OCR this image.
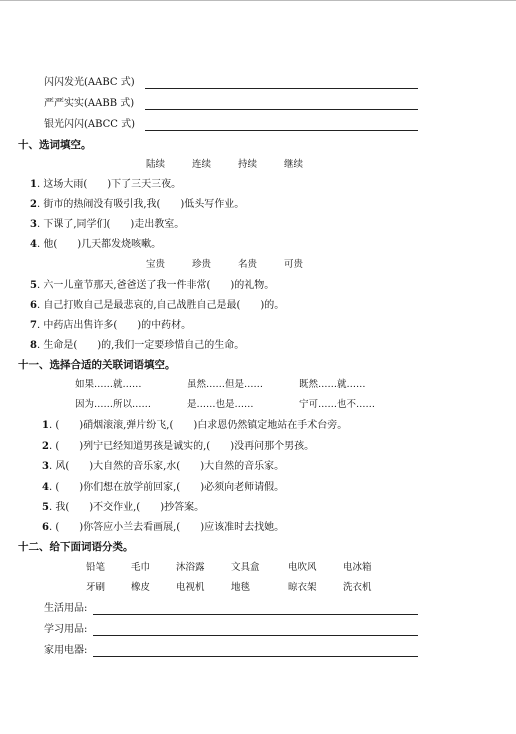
闪闪发光(AABC 式)
严严实实(AABB 式)
银光闪闪(ABCC 式)
十、选词填空。
陆续	连续	持续	继续
1. 这场大雨(　　)下了三天三夜。
2. 街市的热闹没有吸引我,我(　　)低头写作业。
3. 下课了,同学们(　　)走出教室。
4. 他(　　)几天都发烧咳嗽。
宝贵	珍贵	名贵	可贵
5. 六一儿童节那天,爸爸送了我一件非常(　　)的礼物。
6. 自己打败自己是最悲哀的,自己战胜自己是最(　　)的。
7. 中药店出售许多(　　)的中药材。
8. 生命是(　　)的,我们一定要珍惜自己的生命。
十一、选择合适的关联词语填空。
如果……就……	虽然……但是……	既然……就……
因为……所以……	是……也是……	宁可……也不……
1. (　　)硝烟滚滚,弹片纷飞,(　　)白求恩仍然镇定地站在手术台旁。
2. (　　)列宁已经知道男孩是诚实的,(　　)没再问那个男孩。
3. 风(　　)大自然的音乐家,水(　　)大自然的音乐家。
4. (　　)你们想在放学前回家,(　　)必须向老师请假。
5. 我(　　)不交作业,(　　)抄答案。
6. (　　)你答应小兰去看画展,(　　)应该准时去找她。
十二、给下面词语分类。
铅笔	毛巾	沐浴露	文具盒	电吹风	电冰箱
牙刷	橡皮	电视机	地毯	晾衣架	洗衣机
生活用品:
学习用品:
家用电器:
